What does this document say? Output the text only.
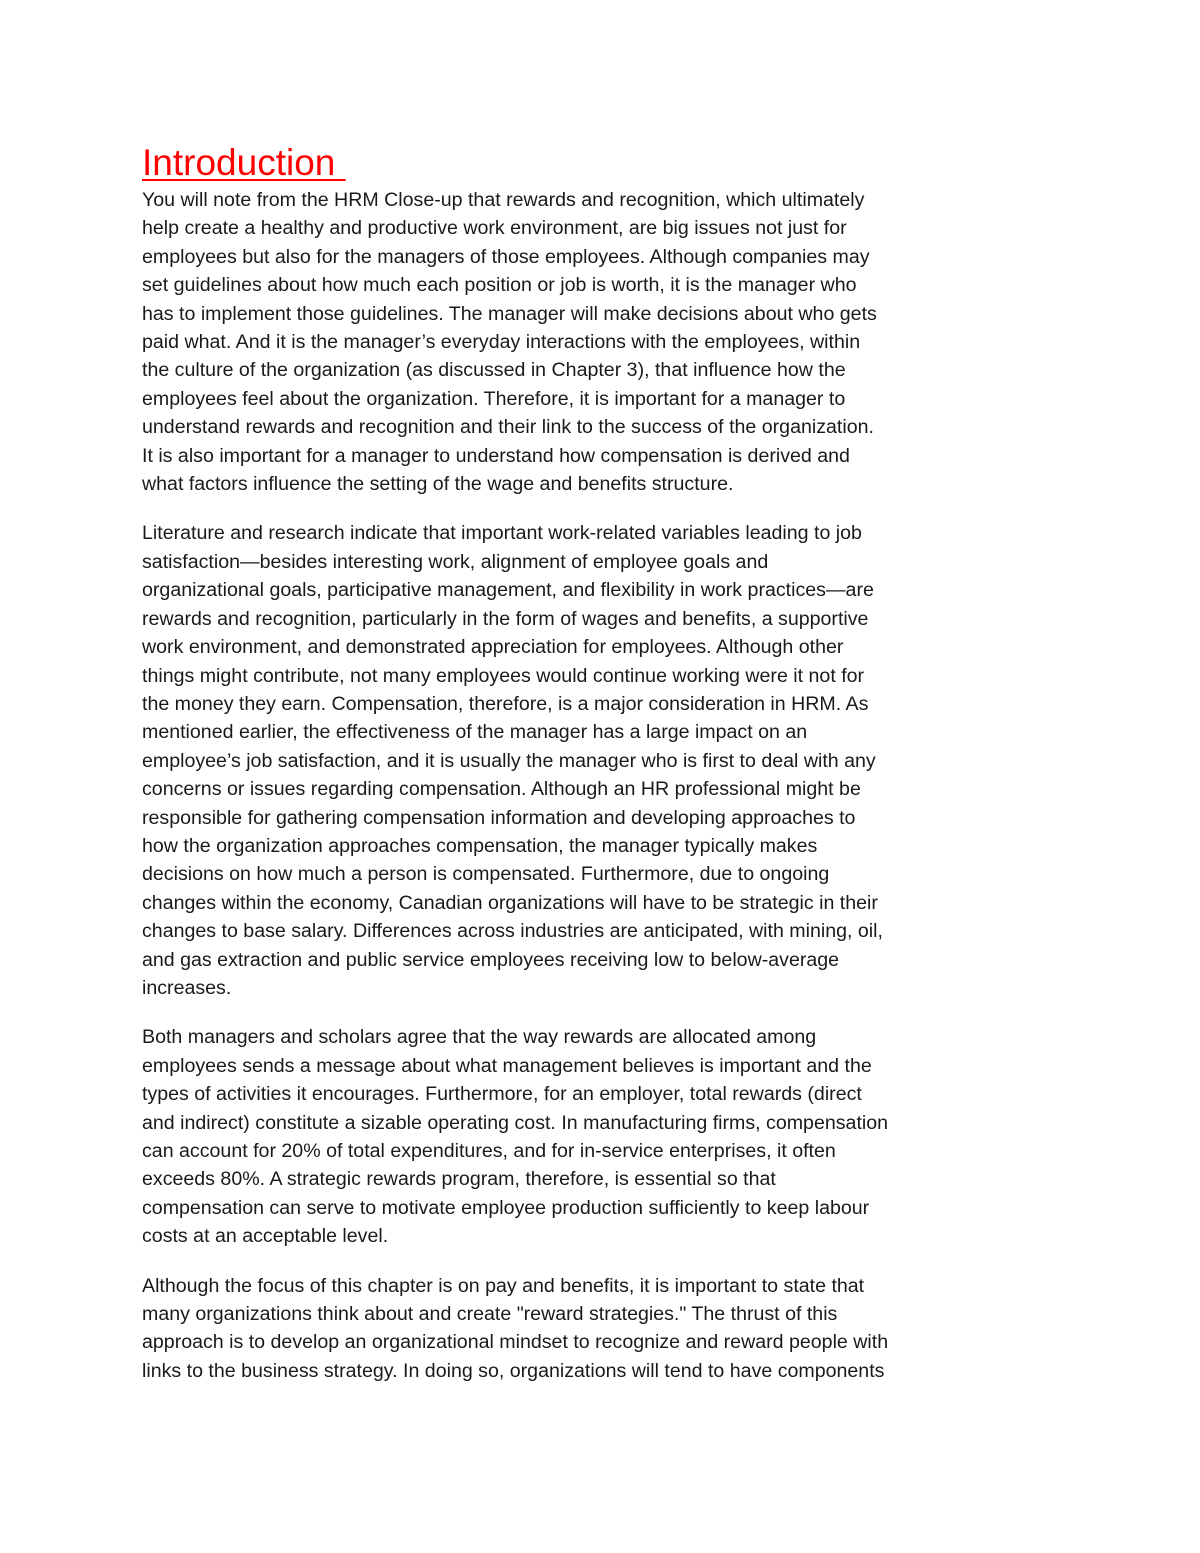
Introduction
You will note from the HRM Close-up that rewards and recognition, which ultimately
help create a healthy and productive work environment, are big issues not just for
employees but also for the managers of those employees. Although companies may
set guidelines about how much each position or job is worth, it is the manager who
has to implement those guidelines. The manager will make decisions about who gets
paid what. And it is the manager’s everyday interactions with the employees, within
the culture of the organization (as discussed in Chapter 3), that influence how the
employees feel about the organization. Therefore, it is important for a manager to
understand rewards and recognition and their link to the success of the organization.
It is also important for a manager to understand how compensation is derived and
what factors influence the setting of the wage and benefits structure.
Literature and research indicate that important work-related variables leading to job
satisfaction—besides interesting work, alignment of employee goals and
organizational goals, participative management, and flexibility in work practices—are
rewards and recognition, particularly in the form of wages and benefits, a supportive
work environment, and demonstrated appreciation for employees. Although other
things might contribute, not many employees would continue working were it not for
the money they earn. Compensation, therefore, is a major consideration in HRM. As
mentioned earlier, the effectiveness of the manager has a large impact on an
employee’s job satisfaction, and it is usually the manager who is first to deal with any
concerns or issues regarding compensation. Although an HR professional might be
responsible for gathering compensation information and developing approaches to
how the organization approaches compensation, the manager typically makes
decisions on how much a person is compensated. Furthermore, due to ongoing
changes within the economy, Canadian organizations will have to be strategic in their
changes to base salary. Differences across industries are anticipated, with mining, oil,
and gas extraction and public service employees receiving low to below-average
increases.
Both managers and scholars agree that the way rewards are allocated among
employees sends a message about what management believes is important and the
types of activities it encourages. Furthermore, for an employer, total rewards (direct
and indirect) constitute a sizable operating cost. In manufacturing firms, compensation
can account for 20% of total expenditures, and for in-service enterprises, it often
exceeds 80%. A strategic rewards program, therefore, is essential so that
compensation can serve to motivate employee production sufficiently to keep labour
costs at an acceptable level.
Although the focus of this chapter is on pay and benefits, it is important to state that
many organizations think about and create "reward strategies." The thrust of this
approach is to develop an organizational mindset to recognize and reward people with
links to the business strategy. In doing so, organizations will tend to have components
